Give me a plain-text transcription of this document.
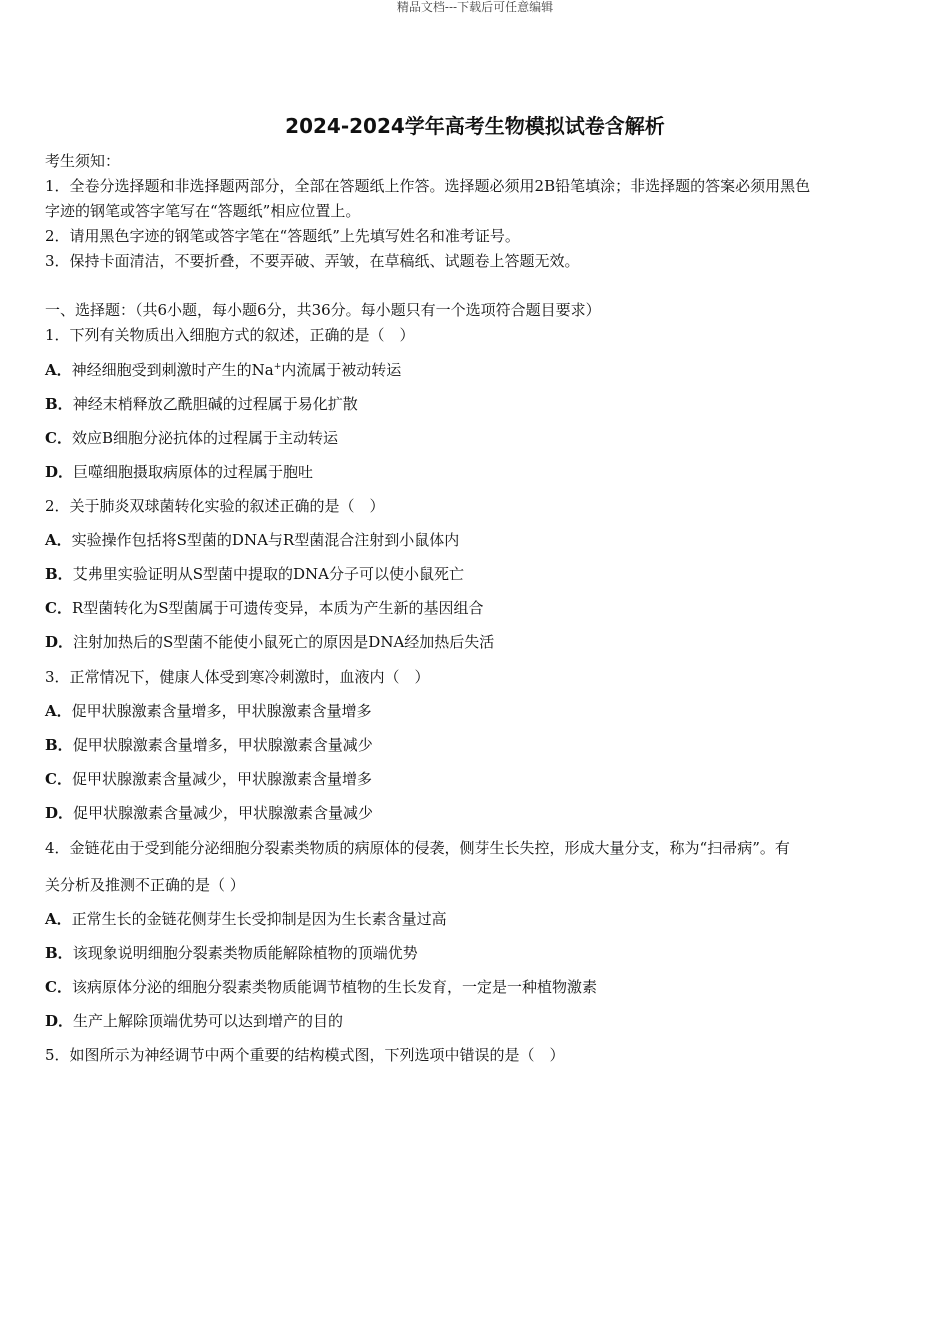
精品文档---下载后可任意编辑
2024-2024学年高考生物模拟试卷含解析
考生须知：
1．全卷分选择题和非选择题两部分，全部在答题纸上作答。选择题必须用2B铅笔填涂；非选择题的答案必须用黑色
字迹的钢笔或答字笔写在“答题纸”相应位置上。
2．请用黑色字迹的钢笔或答字笔在“答题纸”上先填写姓名和准考证号。
3．保持卡面清洁，不要折叠，不要弄破、弄皱，在草稿纸、试题卷上答题无效。
一、选择题：（共6小题，每小题6分，共36分。每小题只有一个选项符合题目要求）
1．下列有关物质出入细胞方式的叙述，正确的是（　）
A．神经细胞受到刺激时产生的Na+内流属于被动转运
B．神经末梢释放乙酰胆碱的过程属于易化扩散
C．效应B细胞分泌抗体的过程属于主动转运
D．巨噬细胞摄取病原体的过程属于胞吐
2．关于肺炎双球菌转化实验的叙述正确的是（　）
A．实验操作包括将S型菌的DNA与R型菌混合注射到小鼠体内
B．艾弗里实验证明从S型菌中提取的DNA分子可以使小鼠死亡
C．R型菌转化为S型菌属于可遗传变异，本质为产生新的基因组合
D．注射加热后的S型菌不能使小鼠死亡的原因是DNA经加热后失活
3．正常情况下，健康人体受到寒冷刺激时，血液内（　）
A．促甲状腺激素含量增多，甲状腺激素含量增多
B．促甲状腺激素含量增多，甲状腺激素含量减少
C．促甲状腺激素含量减少，甲状腺激素含量增多
D．促甲状腺激素含量减少，甲状腺激素含量减少
4．金链花由于受到能分泌细胞分裂素类物质的病原体的侵袭，侧芽生长失控，形成大量分支，称为“扫帚病”。有
关分析及推测不正确的是（ ）
A．正常生长的金链花侧芽生长受抑制是因为生长素含量过高
B．该现象说明细胞分裂素类物质能解除植物的顶端优势
C．该病原体分泌的细胞分裂素类物质能调节植物的生长发育，一定是一种植物激素
D．生产上解除顶端优势可以达到增产的目的
5．如图所示为神经调节中两个重要的结构模式图，下列选项中错误的是（　）
